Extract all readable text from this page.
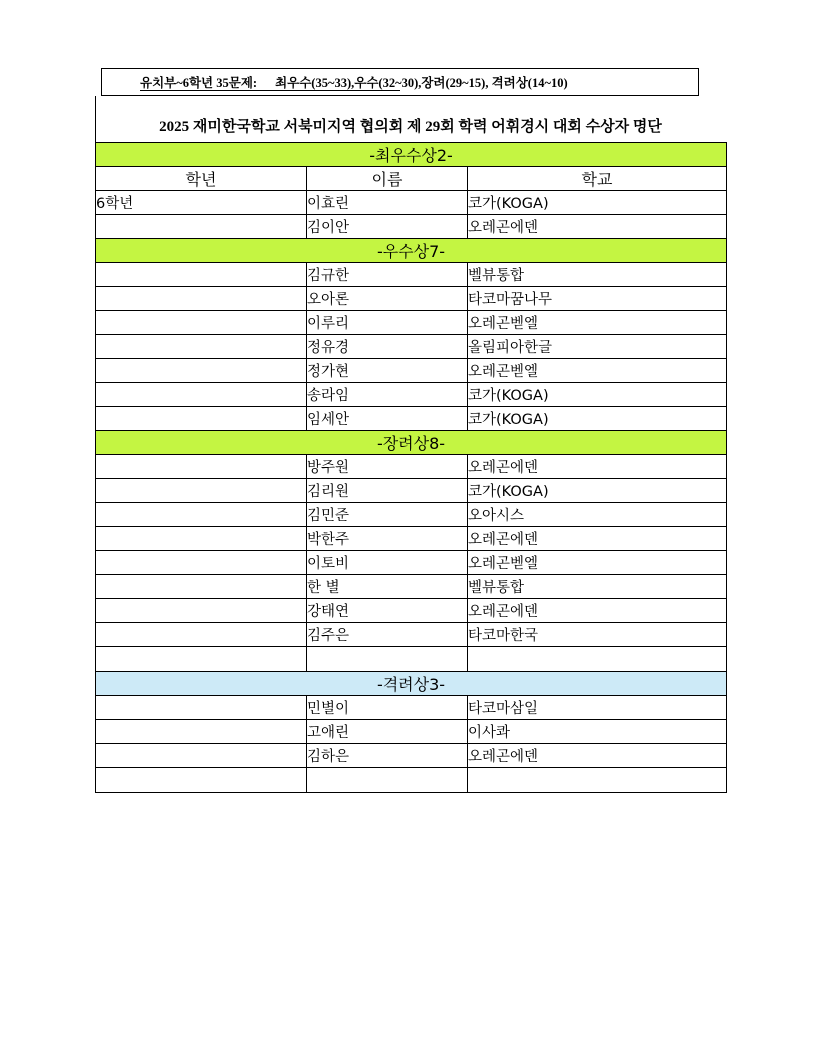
유치부~6학년 35문제: 최우수(35~33),우수(32~30),장려(29~15), 격려상(14~10)
2025 재미한국학교 서북미지역 협의회 제 29회 학력 어휘경시 대회 수상자 명단
-최우수상2-		
학년	이름	학교
6학년	이효린	코가(KOGA)
	김이안	오레곤에덴
-우수상7-		
	김규한	벨뷰통합
	오아론	타코마꿈나무
	이루리	오레곤벧엘
	정유경	올림피아한글
	정가현	오레곤벧엘
	송라임	코가(KOGA)
	임세안	코가(KOGA)
-장려상8-		
	방주원	오레곤에덴
	김리원	코가(KOGA)
	김민준	오아시스
	박한주	오레곤에덴
	이토비	오레곤벧엘
	한 별	벨뷰통합
	강태연	오레곤에덴
	김주은	타코마한국

-격려상3-		
	민별이	타코마삼일
	고애린	이사콰
	김하은	오레곤에덴
